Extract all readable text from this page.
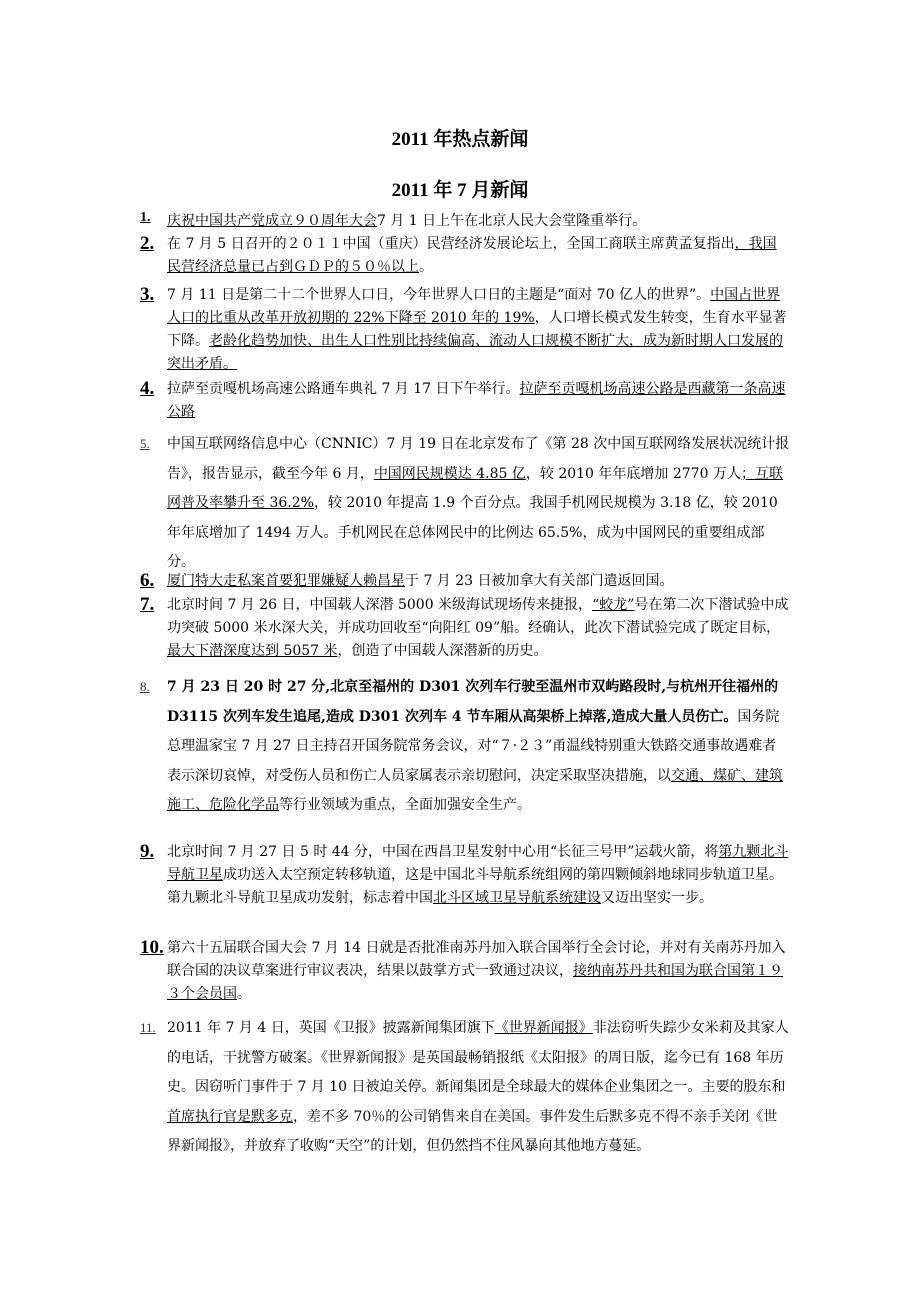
2011 年热点新闻
2011 年 7 月新闻
1. 庆祝中国共产党成立９０周年大会7 月 1 日上午在北京人民大会堂隆重举行。
2. 在 7 月 5 日召开的２０１１中国（重庆）民营经济发展论坛上，全国工商联主席黄孟复指出，我国民营经济总量已占到ＧＤＰ的５０％以上。
3. 7 月 11 日是第二十二个世界人口日，今年世界人口日的主题是“面对 70 亿人的世界”。中国占世界人口的比重从改革开放初期的 22%下降至 2010 年的 19%，人口增长模式发生转变，生育水平显著下降。老龄化趋势加快、出生人口性别比持续偏高、流动人口规模不断扩大，成为新时期人口发展的突出矛盾。
4. 拉萨至贡嘎机场高速公路通车典礼 7 月 17 日下午举行。拉萨至贡嘎机场高速公路是西藏第一条高速公路
5. 中国互联网络信息中心（CNNIC）7 月 19 日在北京发布了《第 28 次中国互联网络发展状况统计报告》，报告显示，截至今年 6 月，中国网民规模达 4.85 亿，较 2010 年年底增加 2770 万人；互联网普及率攀升至 36.2%，较 2010 年提高 1.9 个百分点。我国手机网民规模为 3.18 亿，较 2010 年年底增加了 1494 万人。手机网民在总体网民中的比例达 65.5%，成为中国网民的重要组成部分。
6. 厦门特大走私案首要犯罪嫌疑人赖昌星于 7 月 23 日被加拿大有关部门遣返回国。
7. 北京时间 7 月 26 日，中国载人深潜 5000 米级海试现场传来捷报，“蛟龙”号在第二次下潜试验中成功突破 5000 米水深大关，并成功回收至“向阳红 09”船。经确认，此次下潜试验完成了既定目标，最大下潜深度达到 5057 米，创造了中国载人深潜新的历史。
8. 7 月 23 日 20 时 27 分,北京至福州的 D301 次列车行驶至温州市双屿路段时,与杭州开往福州的 D3115 次列车发生追尾,造成 D301 次列车 4 节车厢从高架桥上掉落,造成大量人员伤亡。国务院总理温家宝 7 月 27 日主持召开国务院常务会议，对“７·２３”甬温线特别重大铁路交通事故遇难者表示深切哀悼，对受伤人员和伤亡人员家属表示亲切慰问，决定采取坚决措施，以交通、煤矿、建筑施工、危险化学品等行业领域为重点，全面加强安全生产。
9. 北京时间 7 月 27 日 5 时 44 分，中国在西昌卫星发射中心用“长征三号甲”运载火箭，将第九颗北斗导航卫星成功送入太空预定转移轨道，这是中国北斗导航系统组网的第四颗倾斜地球同步轨道卫星。第九颗北斗导航卫星成功发射，标志着中国北斗区域卫星导航系统建设又迈出坚实一步。
10. 第六十五届联合国大会 7 月 14 日就是否批准南苏丹加入联合国举行全会讨论，并对有关南苏丹加入联合国的决议草案进行审议表决，结果以鼓掌方式一致通过决议，接纳南苏丹共和国为联合国第１９３个会员国。
11. 2011 年 7 月 4 日，英国《卫报》披露新闻集团旗下《世界新闻报》非法窃听失踪少女米莉及其家人的电话，干扰警方破案。《世界新闻报》是英国最畅销报纸《太阳报》的周日版，迄今已有 168 年历史。因窃听门事件于 7 月 10 日被迫关停。新闻集团是全球最大的媒体企业集团之一。主要的股东和首席执行官是默多克，差不多 70％的公司销售来自在美国。事件发生后默多克不得不亲手关闭《世界新闻报》，并放弃了收购“天空”的计划，但仍然挡不住风暴向其他地方蔓延。
